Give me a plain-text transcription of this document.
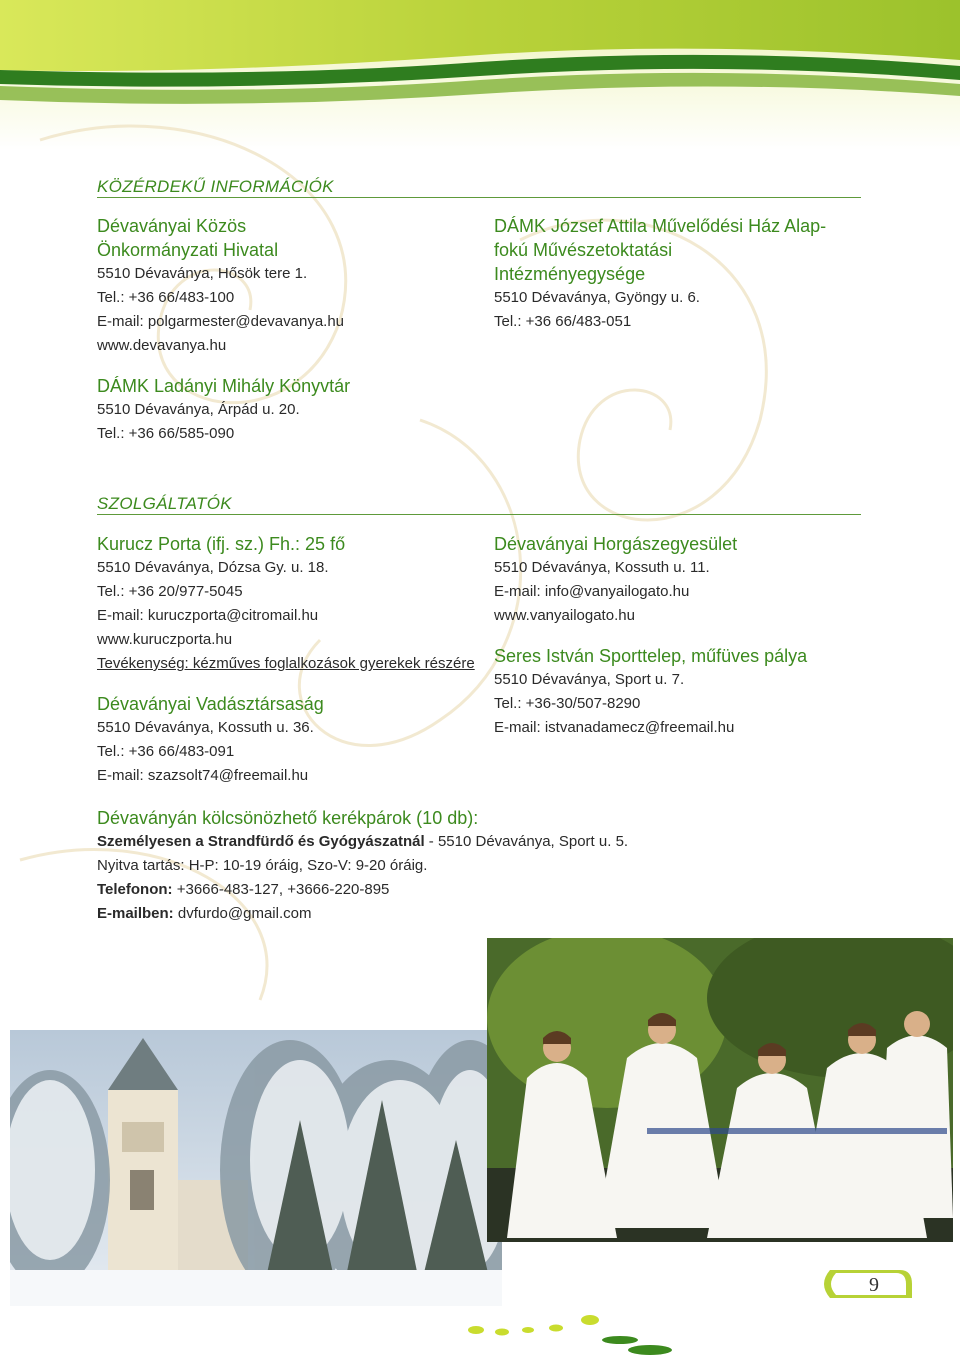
KÖZÉRDEKŰ INFORMÁCIÓK
Dévaványai Közös
Önkormányzati Hivatal
5510 Dévaványa, Hősök tere 1.
Tel.: +36 66/483-100
E-mail: polgarmester@devavanya.hu
www.devavanya.hu
DÁMK Ladányi Mihály Könyvtár
5510 Dévaványa, Árpád u. 20.
Tel.: +36 66/585-090
DÁMK József Attila Művelődési Ház Alap-
fokú Művészetoktatási
Intézményegysége
5510 Dévaványa, Gyöngy u. 6.
Tel.: +36 66/483-051
SZOLGÁLTATÓK
Kurucz Porta (ifj. sz.) Fh.: 25 fő
5510 Dévaványa, Dózsa Gy. u. 18.
Tel.: +36 20/977-5045
E-mail: kuruczporta@citromail.hu
www.kuruczporta.hu
Tevékenység: kézműves foglalkozások gyerekek részére
Dévaványai Vadásztársaság
5510 Dévaványa, Kossuth u. 36.
Tel.: +36 66/483-091
E-mail: szazsolt74@freemail.hu
Dévaványai Horgászegyesület
5510 Dévaványa, Kossuth u. 11.
E-mail: info@vanyailogato.hu
www.vanyailogato.hu
Seres István Sporttelep, műfüves pálya
5510 Dévaványa, Sport u. 7.
Tel.: +36-30/507-8290
E-mail: istvanadamecz@freemail.hu
Dévaványán kölcsönözhető kerékpárok (10 db):
Személyesen a Strandfürdő és Gyógyászatnál - 5510 Dévaványa, Sport u. 5.
Nyitva tartás: H-P: 10-19 óráig, Szo-V: 9-20 óráig.
Telefonon: +3666-483-127, +3666-220-895
E-mailben: dvfurdo@gmail.com
9
